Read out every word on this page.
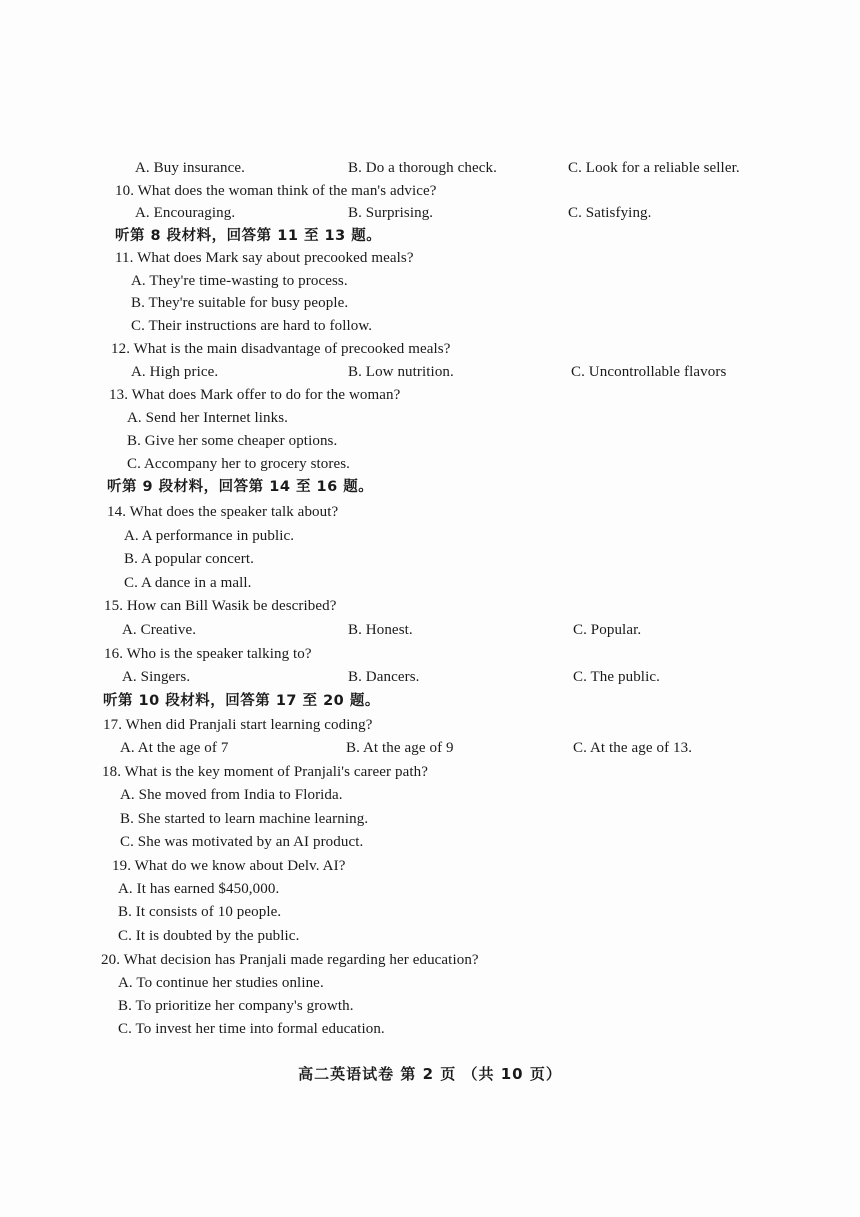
A. Buy insurance.	B. Do a thorough check.	C. Look for a reliable seller.
10. What does the woman think of the man's advice?
A. Encouraging.	B. Surprising.	C. Satisfying.
听第 8 段材料，回答第 11 至 13 题。
11. What does Mark say about precooked meals?
A. They're time-wasting to process.
B. They're suitable for busy people.
C. Their instructions are hard to follow.
12. What is the main disadvantage of precooked meals?
A. High price.	B. Low nutrition.	C. Uncontrollable flavors
13. What does Mark offer to do for the woman?
A. Send her Internet links.
B. Give her some cheaper options.
C. Accompany her to grocery stores.
听第 9 段材料，回答第 14 至 16 题。
14. What does the speaker talk about?
A. A performance in public.
B. A popular concert.
C. A dance in a mall.
15. How can Bill Wasik be described?
A. Creative.	B. Honest.	C. Popular.
16. Who is the speaker talking to?
A. Singers.	B. Dancers.	C. The public.
听第 10 段材料，回答第 17 至 20 题。
17. When did Pranjali start learning coding?
A. At the age of 7	B. At the age of 9	C. At the age of 13.
18. What is the key moment of Pranjali's career path?
A. She moved from India to Florida.
B. She started to learn machine learning.
C. She was motivated by an AI product.
19. What do we know about Delv. AI?
A. It has earned $450,000.
B. It consists of 10 people.
C. It is doubted by the public.
20. What decision has Pranjali made regarding her education?
A. To continue her studies online.
B. To prioritize her company's growth.
C. To invest her time into formal education.
高二英语试卷 第 2 页 （共 10 页）
